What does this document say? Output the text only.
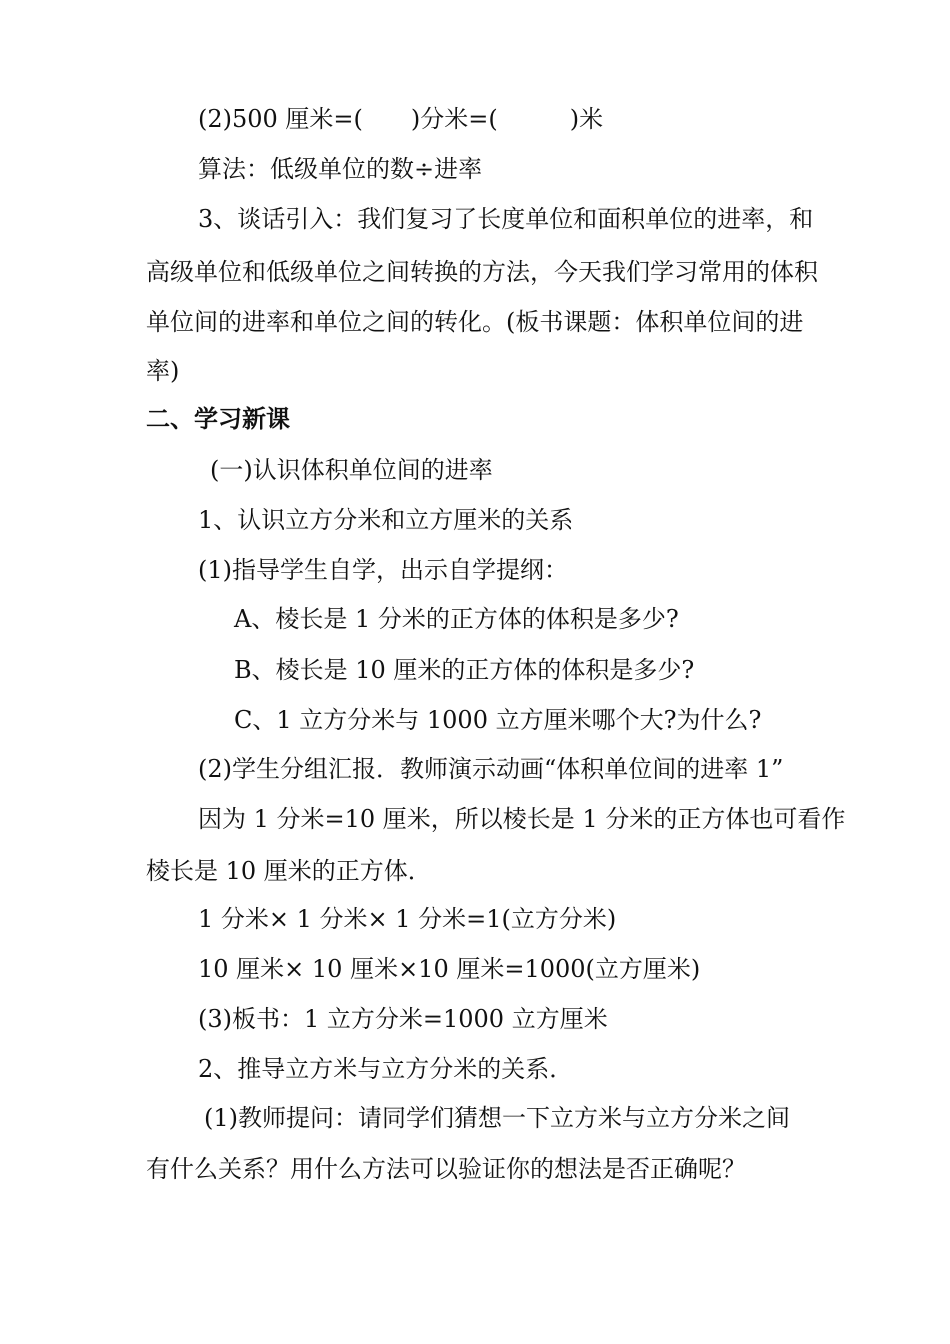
(2)500 厘米=(　　)分米=(　　　)米
算法：低级单位的数÷进率
3、谈话引入：我们复习了长度单位和面积单位的进率，和
高级单位和低级单位之间转换的方法，今天我们学习常用的体积
单位间的进率和单位之间的转化。(板书课题：体积单位间的进
率)
二、学习新课
(一)认识体积单位间的进率
1、认识立方分米和立方厘米的关系
(1)指导学生自学，出示自学提纲：
A、棱长是 1 分米的正方体的体积是多少?
B、棱长是 10 厘米的正方体的体积是多少?
C、1 立方分米与 1000 立方厘米哪个大?为什么?
(2)学生分组汇报．教师演示动画“体积单位间的进率 1”
因为 1 分米=10 厘米，所以棱长是 1 分米的正方体也可看作
棱长是 10 厘米的正方体．
1 分米× 1 分米× 1 分米=1(立方分米)
10 厘米× 10 厘米×10 厘米=1000(立方厘米)
(3)板书：1 立方分米=1000 立方厘米
2、推导立方米与立方分米的关系．
(1)教师提问：请同学们猜想一下立方米与立方分米之间
有什么关系？用什么方法可以验证你的想法是否正确呢？
